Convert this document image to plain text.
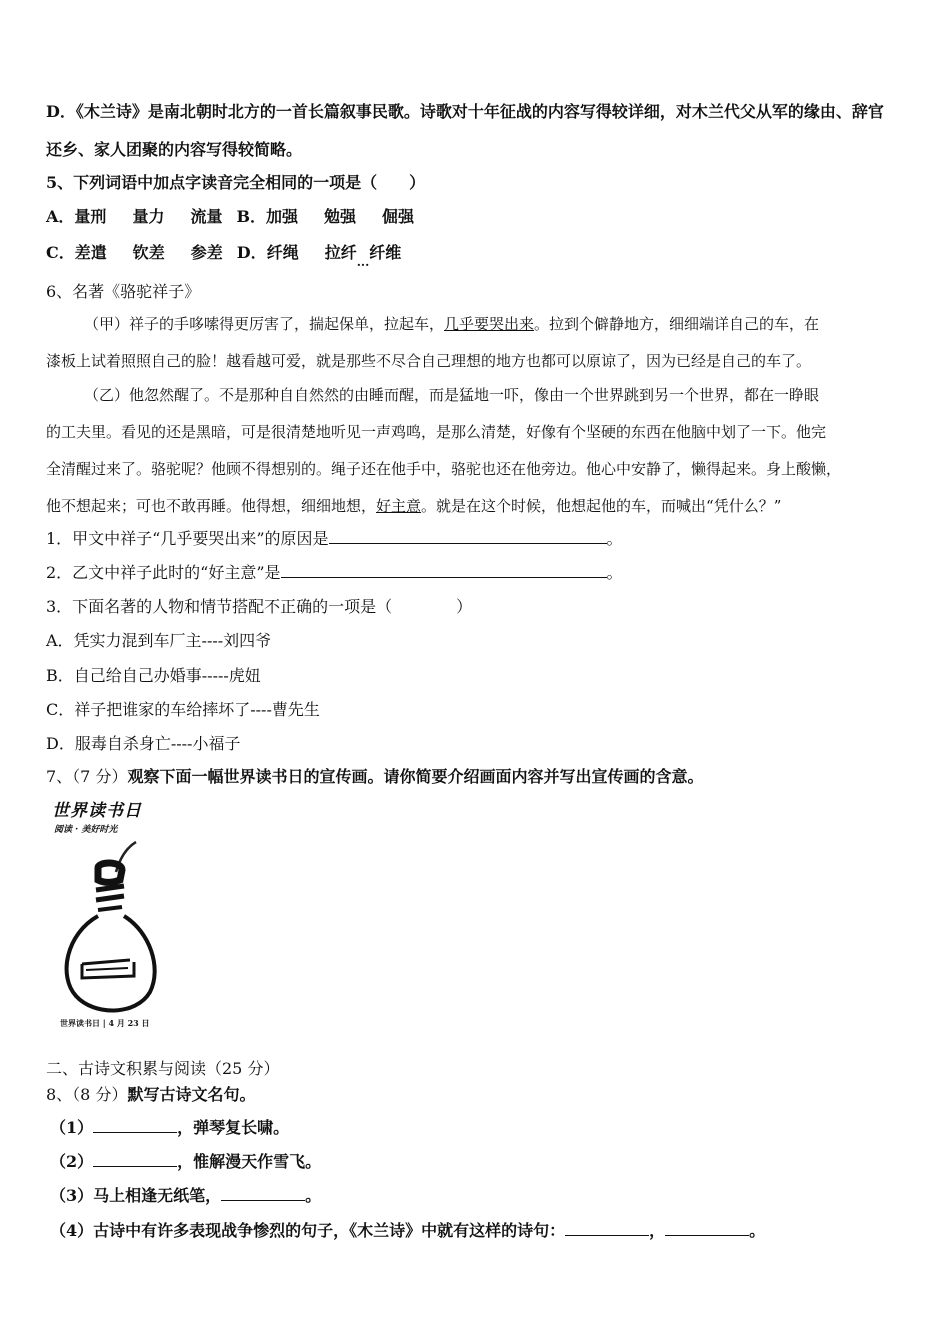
D．《木兰诗》是南北朝时北方的一首长篇叙事民歌。诗歌对十年征战的内容写得较详细，对木兰代父从军的缘由、辞官
还乡、家人团聚的内容写得较简略。
5、下列词语中加点字读音完全相同的一项是（　　）
A．量刑 量力 流量 B．加强 勉强 倔强
C．差遣 钦差 参差 D．纤绳 拉纤$_{...}$纤维
6、名著《骆驼祥子》
（甲）祥子的手哆嗦得更厉害了，揣起保单，拉起车，几乎要哭出来。拉到个僻静地方，细细端详自己的车，在
漆板上试着照照自己的脸！越看越可爱，就是那些不尽合自己理想的地方也都可以原谅了，因为已经是自己的车了。
（乙）他忽然醒了。不是那种自自然然的由睡而醒，而是猛地一吓，像由一个世界跳到另一个世界，都在一睁眼
的工夫里。看见的还是黑暗，可是很清楚地听见一声鸡鸣，是那么清楚，好像有个坚硬的东西在他脑中划了一下。他完
全清醒过来了。骆驼呢？他顾不得想别的。绳子还在他手中，骆驼也还在他旁边。他心中安静了，懒得起来。身上酸懒，
他不想起来；可也不敢再睡。他得想，细细地想，好主意。就是在这个时候，他想起他的车，而喊出“凭什么？”
1．甲文中祥子“几乎要哭出来”的原因是	。
2．乙文中祥子此时的“好主意”是	。
3．下面名著的人物和情节搭配不正确的一项是（　　　　）
A．凭实力混到车厂主----刘四爷
B．自己给自己办婚事-----虎妞
C．祥子把谁家的车给摔坏了----曹先生
D．服毒自杀身亡----小福子
7、（7 分）观察下面一幅世界读书日的宣传画。请你简要介绍画面内容并写出宣传画的含意。
世界读书日
阅读 · 美好时光
世界读书日 | 4 月 23 日
二、古诗文积累与阅读（25 分）
8、（8 分）默写古诗文名句。
（1）	，弹琴复长啸。
（2）	，惟解漫天作雪飞。
（3）马上相逢无纸笔，	。
（4）古诗中有许多表现战争惨烈的句子，《木兰诗》中就有这样的诗句：	，	。
